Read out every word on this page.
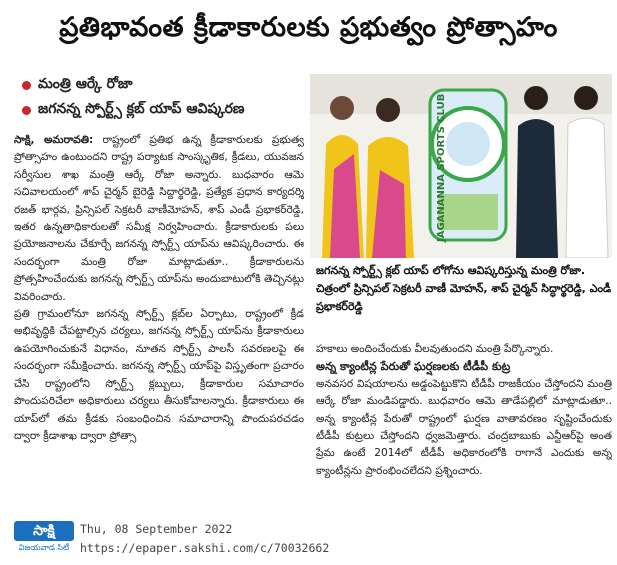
ప్రతిభావంత క్రీడాకారులకు ప్రభుత్వం ప్రోత్సాహం
మంత్రి ఆర్కే రోజా
జగనన్న స్పోర్ట్స్ క్లబ్ యాప్ ఆవిష్కరణ

సాక్షి, అమరావతి: రాష్ట్రంలో ప్రతిభ ఉన్న క్రీడాకారులకు ప్రభుత్వ ప్రోత్సాహం ఉంటుందని రాష్ట్ర పర్యాటక సాంస్కృతిక, క్రీడలు, యువజన సర్వీసుల శాఖ మంత్రి ఆర్కే రోజా అన్నారు. బుధవారం ఆమె సచివాలయంలో శాప్ చైర్మన్ బైరెడ్డి సిద్దార్థరెడ్డి, ప్రత్యేక ప్రధాన కార్యదర్శి రజత్ భార్గవ, ప్రిన్సిపల్ సెక్రటరీ వాణీమోహన్, శాప్ ఎండీ ప్రభాకర్‌రెడ్డి, ఇతర ఉన్నతాధికారులతో సమీక్ష నిర్వహించారు. క్రీడాకారులకు పలు ప్రయోజనాలను చేకూర్చే జగనన్న స్పోర్ట్స్ యాప్‌ను ఆవిష్కరించారు. ఈ సందర్భంగా మంత్రి రోజా మాట్లాడుతూ.. క్రీడాకారులను ప్రోత్సహించేందుకు జగనన్న స్పోర్ట్స్ యాప్‌ను అందుబాటులోకి తెచ్చినట్లు వివరించారు.

ప్రతి గ్రామంలోనూ జగనన్న స్పోర్ట్స్ క్లబ్‌ల ఏర్పాటు, రాష్ట్రంలో క్రీడ అభివృద్ధికి చేపట్టాల్సిన చర్యలు, జగనన్న స్పోర్ట్స్ యాప్‌ను క్రీడాకారులు ఉపయోగించుకునే విధానం, నూతన స్పోర్ట్స్ పాలసీ సవరణలపై ఈ సందర్భంగా సమీక్షించారు. జగనన్న స్పోర్ట్స్ యాప్‌పై విస్తృతంగా ప్రచారం చేసి రాష్ట్రంలోని స్పోర్ట్స్ క్లబ్బులు, క్రీడాకారుల సమాచారం పొందుపరిచేలా అధికారులు చర్యలు తీసుకోవాలన్నారు. క్రీడాకారులు ఈ యాప్‌లో తమ క్రీడకు సంబంధించిన సమాచారాన్ని పొందుపరచడం ద్వారా క్రీడాశాఖ ద్వారా ప్రోత్సా

JAGANANNA SPORTS CLUB
జగనన్న స్పోర్ట్స్ క్లబ్ యాప్ లోగోను ఆవిష్కరిస్తున్న మంత్రి రోజా. చిత్రంలో ప్రిన్సిపల్ సెక్రటరీ వాణీ మోహన్, శాప్ చైర్మన్ సిద్ధార్థరెడ్డి, ఎండీ ప్రభాకర్‌రెడ్డి

హకాలు అందించేందుకు వీలవుతుందని మంత్రి పేర్కొన్నారు.

అన్న క్యాంటీన్ల పేరుతో ఘర్షణలకు టీడీపీ కుట్ర

అనవసర విషయాలను అడ్డంపెట్టుకొని టీడీపీ రాజకీయం చేస్తోందని మంత్రి ఆర్కే రోజా మండిపడ్డారు. బుధవారం ఆమె తాడేపల్లిలో మాట్లాడుతూ.. అన్న క్యాంటీన్ల పేరుతో రాష్ట్రంలో ఘర్షణ వాతావరణం సృష్టించేందుకు టీడీపీ కుట్రలు చేస్తోందని ధ్వజమెత్తారు. చంద్రబాబుకు ఎన్టీఆర్‌పై అంత ప్రేమ ఉంటే 2014లో టీడీపీ అధికారంలోకి రాగానే ఎందుకు అన్న క్యాంటీన్లను ప్రారంభించలేదని ప్రశ్నించారు.

సాక్షి
విజయవాడ సిటీ
Thu, 08 September 2022
https://epaper.sakshi.com/c/70032662
